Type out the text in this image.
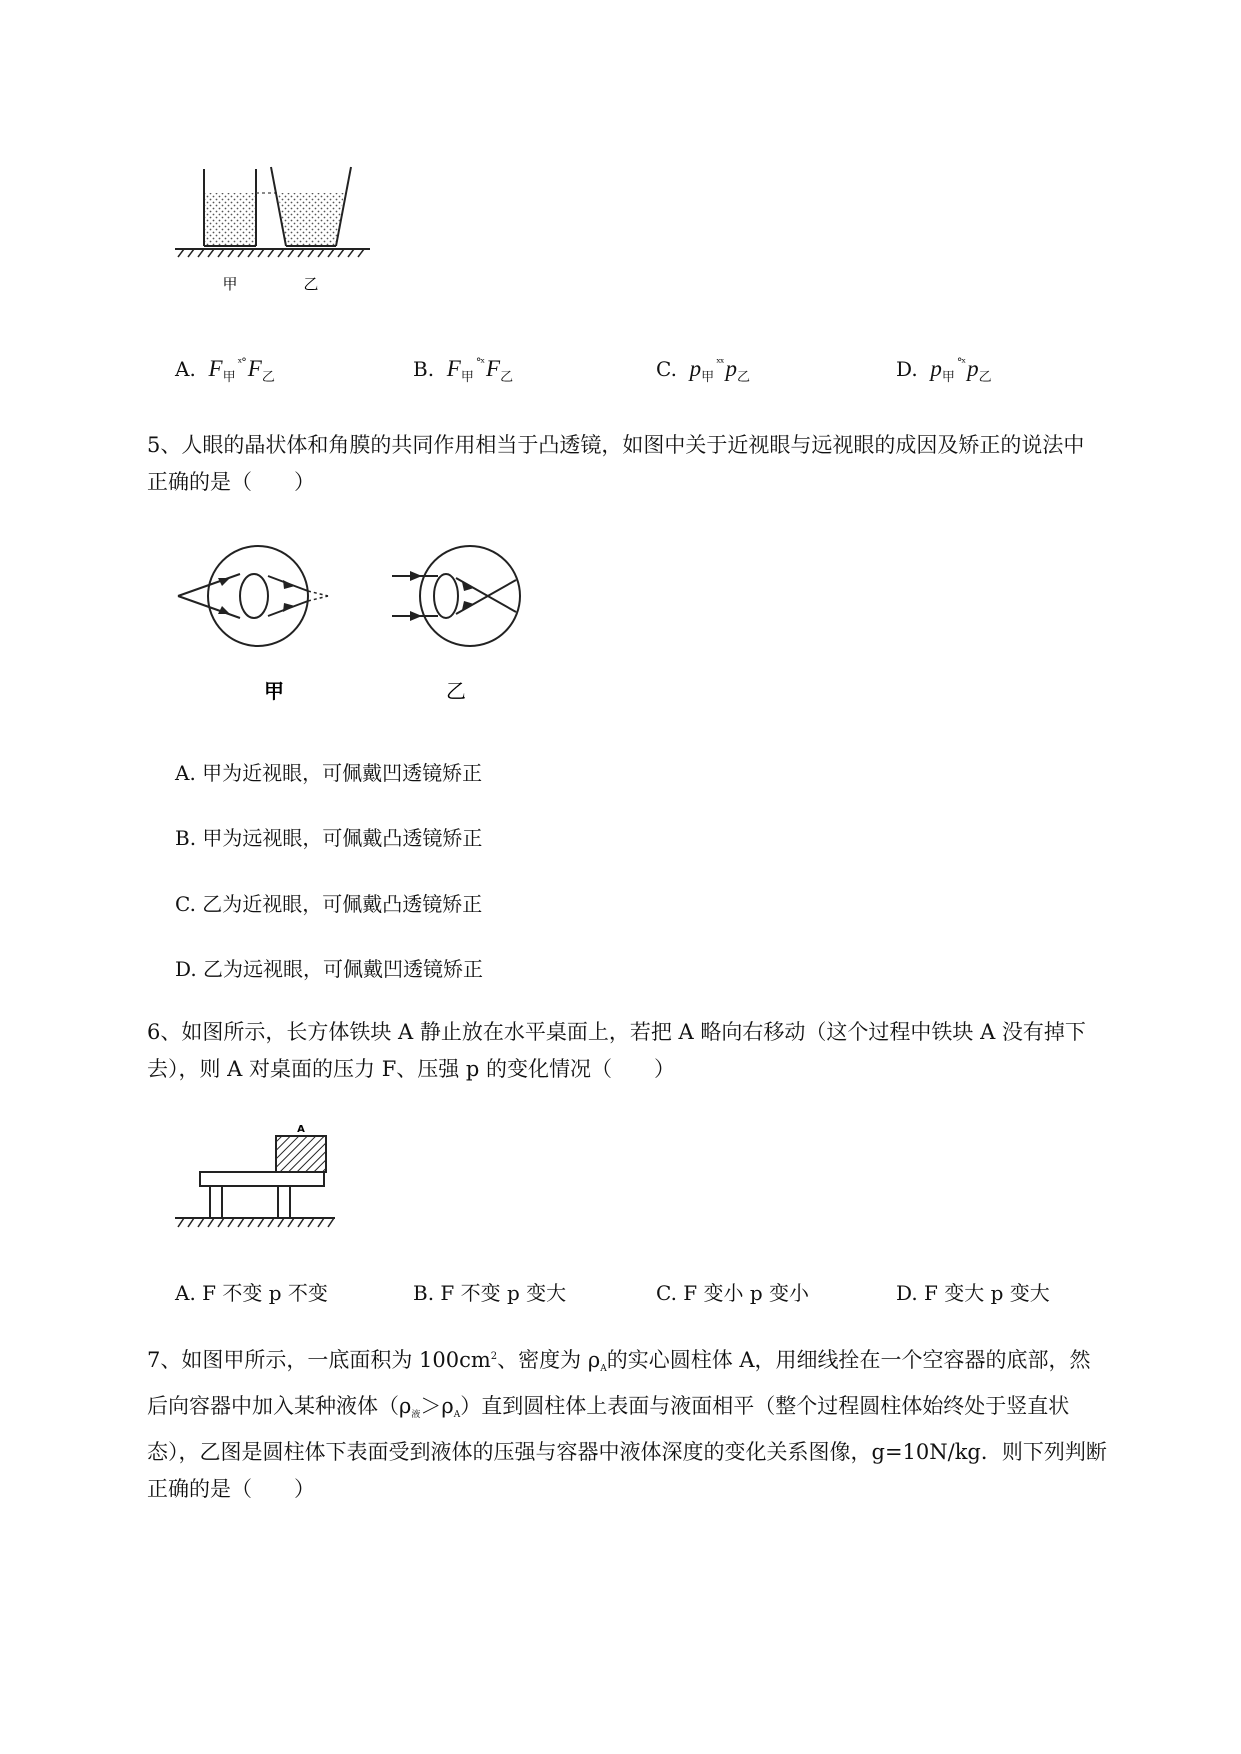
甲	乙
A. $F_甲^{ˣ^\circ}F_乙$	B. $F_甲^{^\circ ˣ}F_乙$	C. $p_甲^{ˣˣ}p_乙$	D. $p_甲^{^\circ ˣ}p_乙$
5、人眼的晶状体和角膜的共同作用相当于凸透镜，如图中关于近视眼与远视眼的成因及矫正的说法中
正确的是（　　）
甲	乙
A. 甲为近视眼，可佩戴凹透镜矫正
B. 甲为远视眼，可佩戴凸透镜矫正
C. 乙为近视眼，可佩戴凸透镜矫正
D. 乙为远视眼，可佩戴凹透镜矫正
6、如图所示，长方体铁块 A 静止放在水平桌面上，若把 A 略向右移动（这个过程中铁块 A 没有掉下
去），则 A 对桌面的压力 F、压强 p 的变化情况（　　）
A
A. F 不变 p 不变	B. F 不变 p 变大	C. F 变小 p 变小	D. F 变大 p 变大
7、如图甲所示，一底面积为 $100cm^2$、密度为 ρA的实心圆柱体 A，用细线拴在一个空容器的底部，然
后向容器中加入某种液体（ρ液＞ρA）直到圆柱体上表面与液面相平（整个过程圆柱体始终处于竖直状
态），乙图是圆柱体下表面受到液体的压强与容器中液体深度的变化关系图像，g=10N/kg．则下列判断
正确的是（　　）
